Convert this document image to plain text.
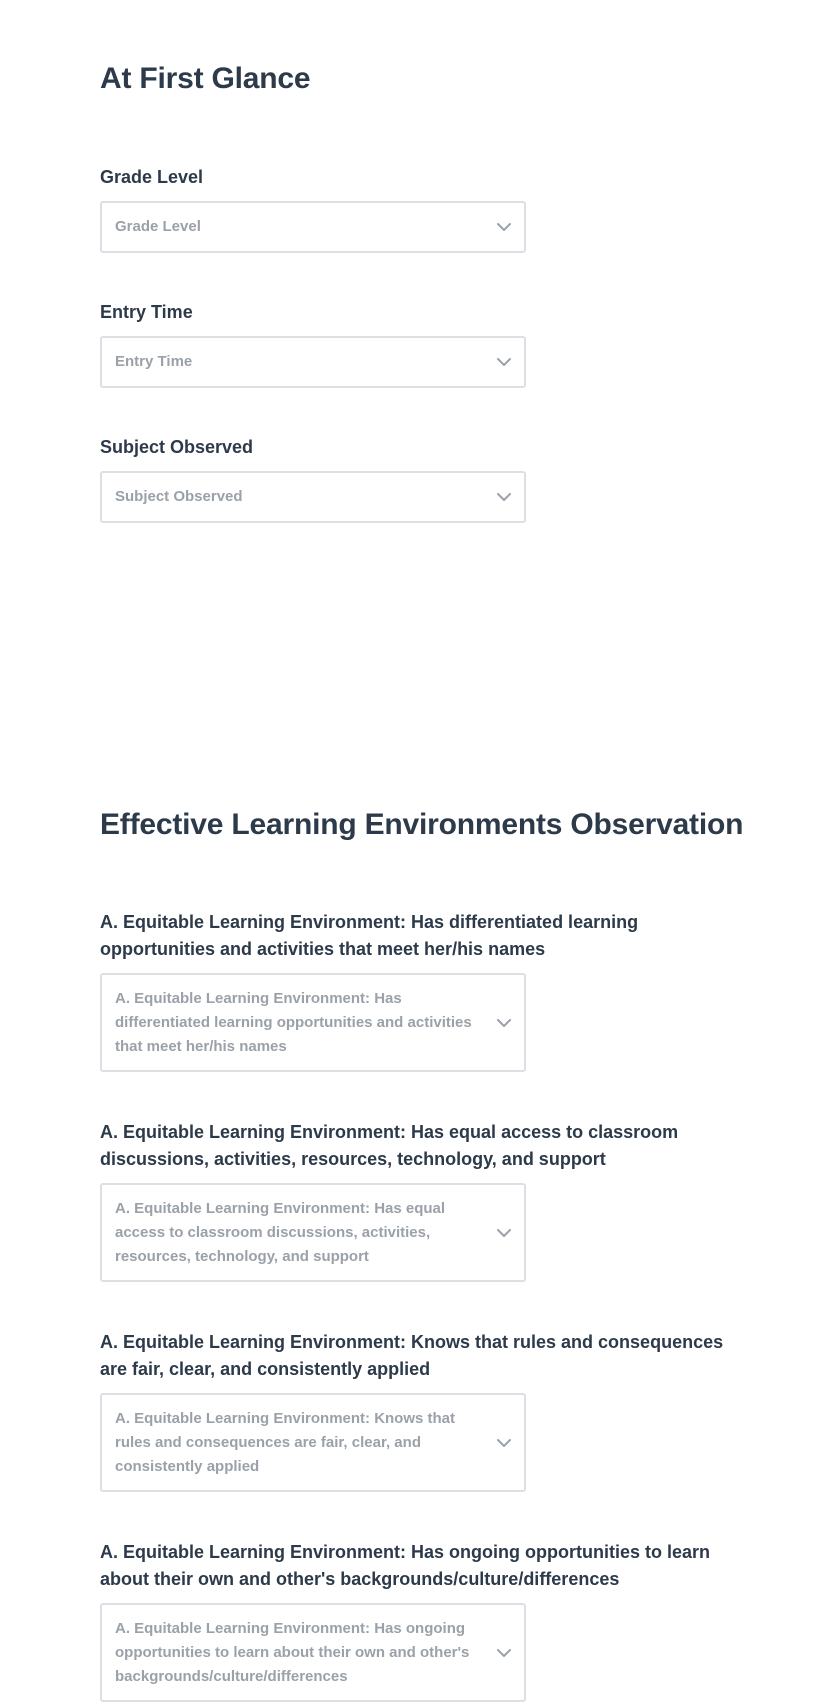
At First Glance
Grade Level
Grade Level
Entry Time
Entry Time
Subject Observed
Subject Observed
Effective Learning Environments Observation
A. Equitable Learning Environment: Has differentiated learning opportunities and activities that meet her/his names
A. Equitable Learning Environment: Has differentiated learning opportunities and activities that meet her/his names
A. Equitable Learning Environment: Has equal access to classroom discussions, activities, resources, technology, and support
A. Equitable Learning Environment: Has equal access to classroom discussions, activities, resources, technology, and support
A. Equitable Learning Environment: Knows that rules and consequences are fair, clear, and consistently applied
A. Equitable Learning Environment: Knows that rules and consequences are fair, clear, and consistently applied
A. Equitable Learning Environment: Has ongoing opportunities to learn about their own and other's backgrounds/culture/differences
A. Equitable Learning Environment: Has ongoing opportunities to learn about their own and other's backgrounds/culture/differences
